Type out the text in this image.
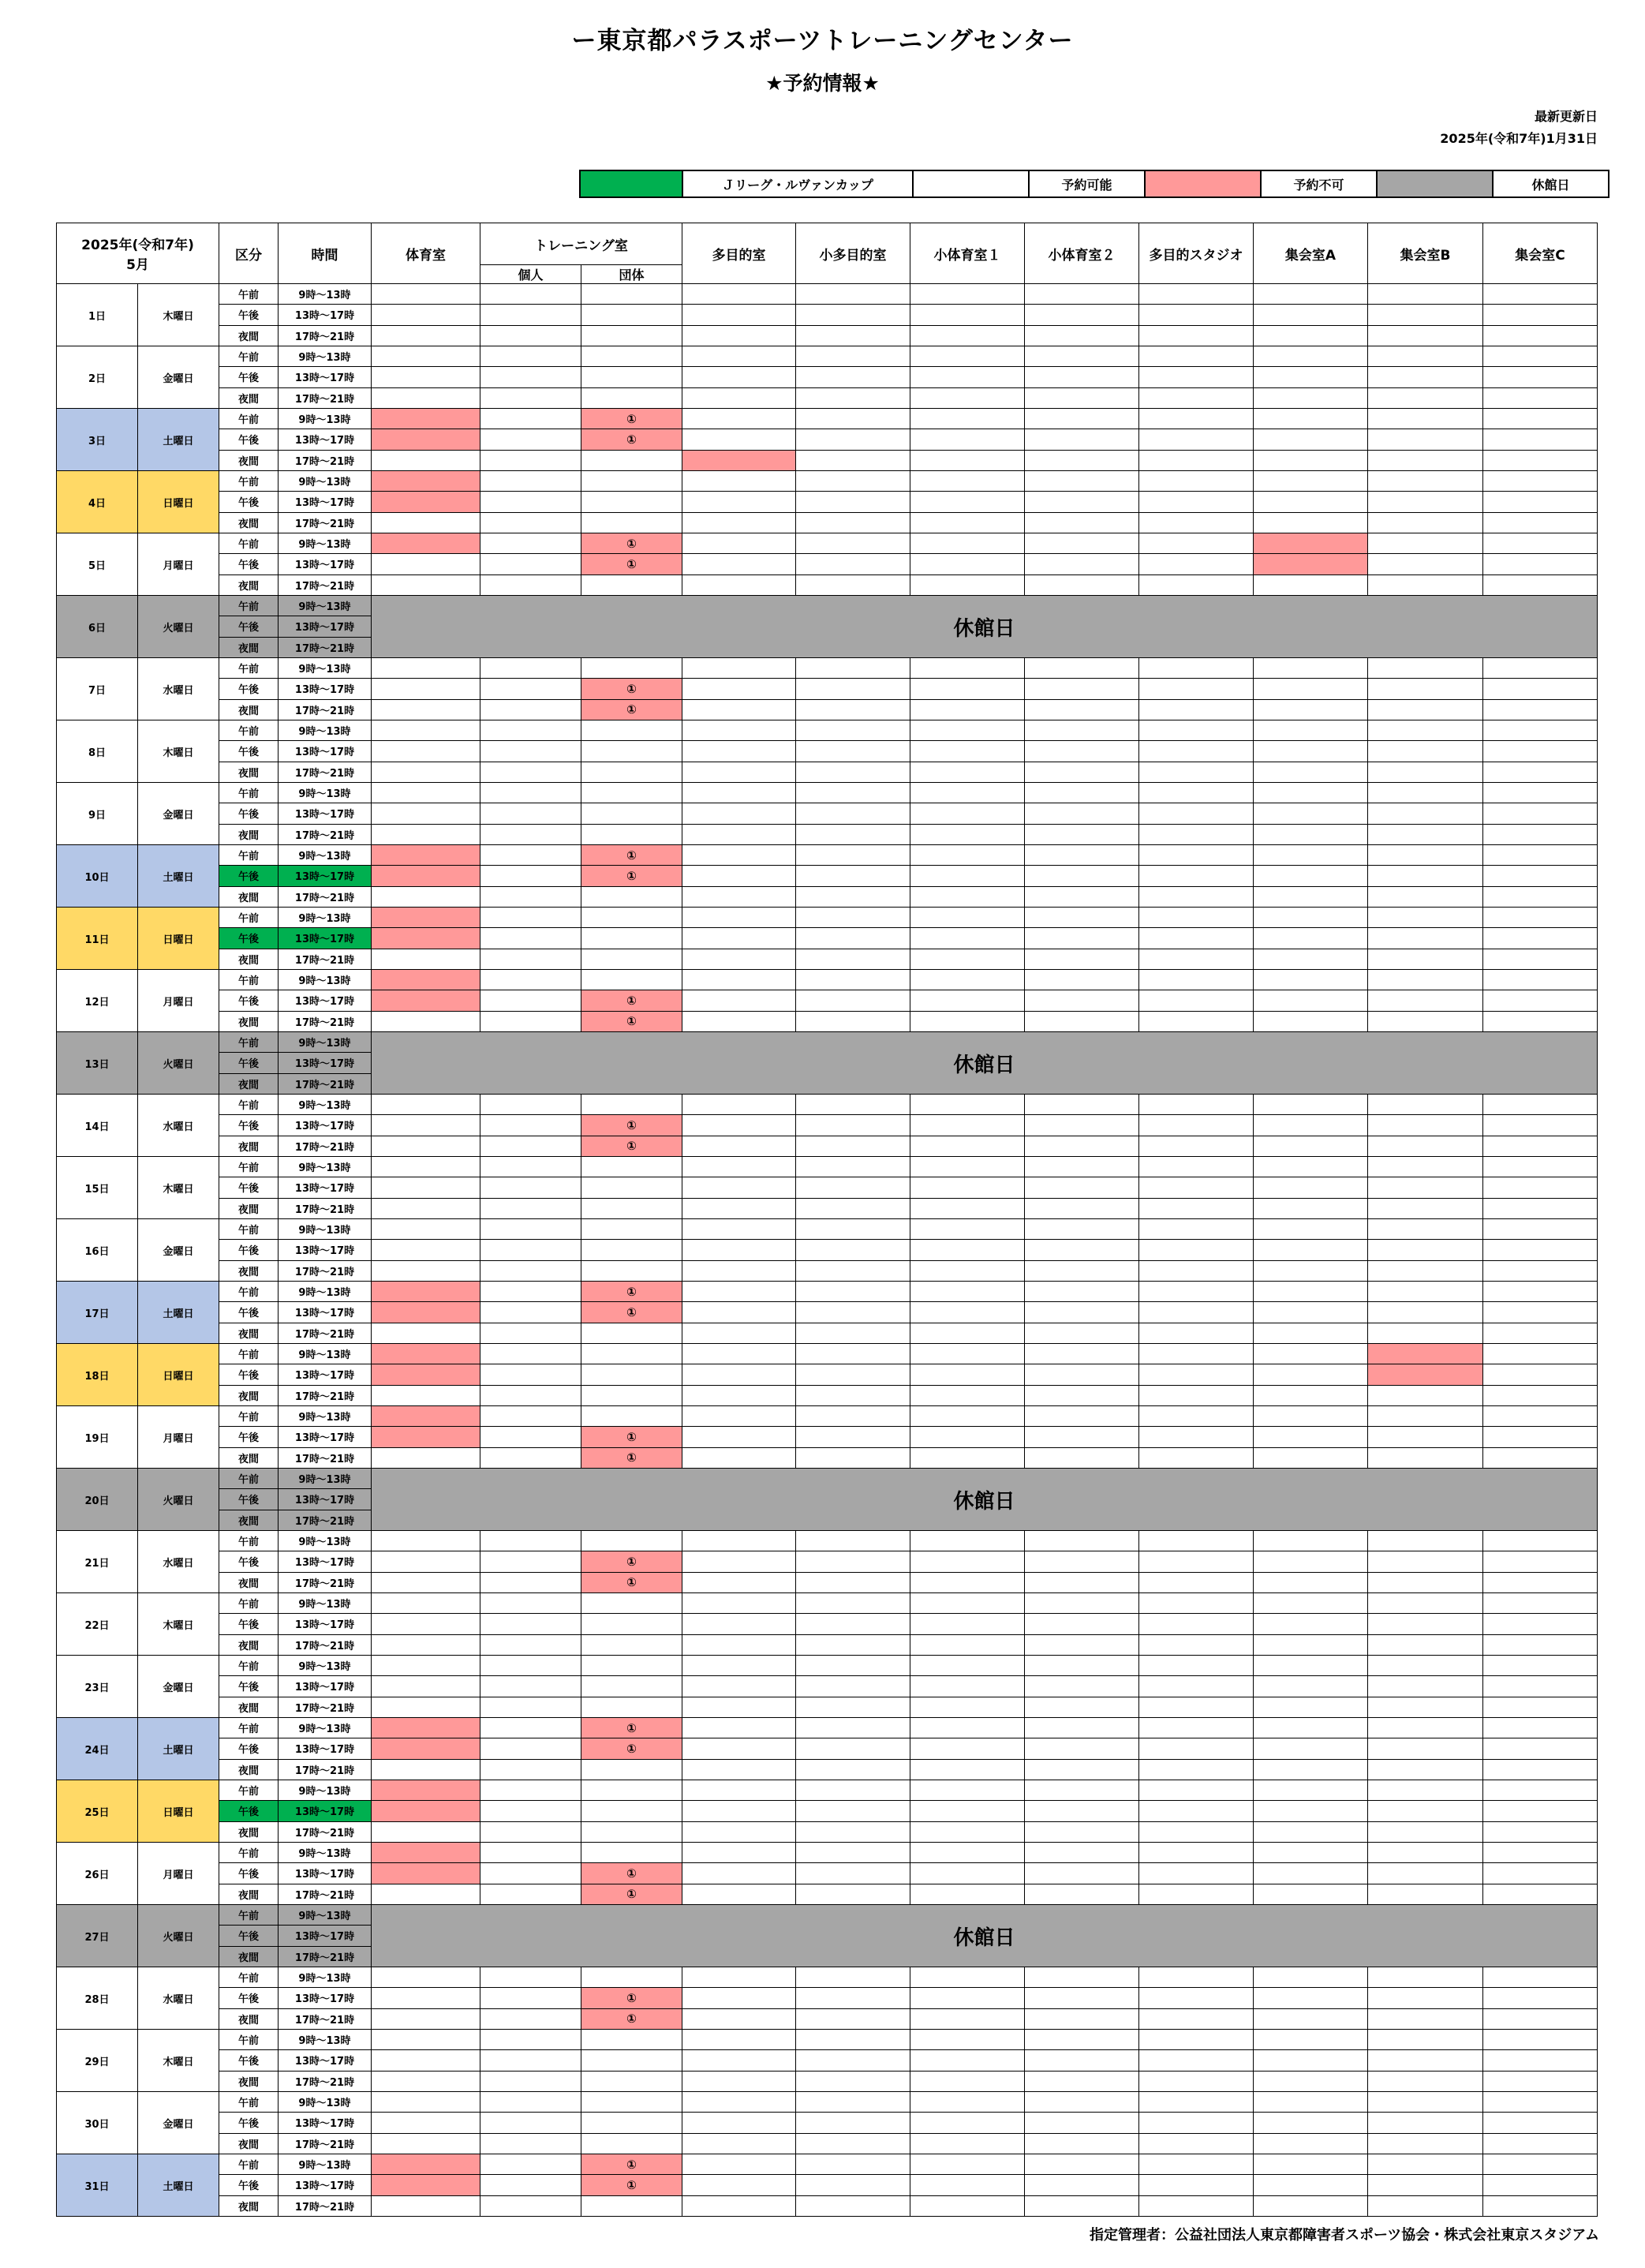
ー東京都パラスポーツトレーニングセンター
★予約情報★
最新更新日
2025年(令和7年)1月31日
	Ｊリーグ・ルヴァンカップ		予約可能		予約不可		休館日
2025年(令和7年)
5月		区分	時間	体育室	トレーニング室		多目的室	小多目的室	小体育室１	小体育室２	多目的スタジオ	集会室A	集会室B	集会室C
					個人	団体								
1日	木曜日	午前	9時～13時											
		午後	13時～17時											
		夜間	17時～21時											
2日	金曜日	午前	9時～13時											
		午後	13時～17時											
		夜間	17時～21時											
3日	土曜日	午前	9時～13時			①								
		午後	13時～17時			①								
		夜間	17時～21時											
4日	日曜日	午前	9時～13時											
		午後	13時～17時											
		夜間	17時～21時											
5日	月曜日	午前	9時～13時			①								
		午後	13時～17時			①								
		夜間	17時～21時											
6日	火曜日	午前	9時～13時	休館日										
		午後	13時～17時											
		夜間	17時～21時											
7日	水曜日	午前	9時～13時											
		午後	13時～17時			①								
		夜間	17時～21時			①								
8日	木曜日	午前	9時～13時											
		午後	13時～17時											
		夜間	17時～21時											
9日	金曜日	午前	9時～13時											
		午後	13時～17時											
		夜間	17時～21時											
10日	土曜日	午前	9時～13時			①								
		午後	13時～17時			①								
		夜間	17時～21時											
11日	日曜日	午前	9時～13時											
		午後	13時～17時											
		夜間	17時～21時											
12日	月曜日	午前	9時～13時											
		午後	13時～17時			①								
		夜間	17時～21時			①								
13日	火曜日	午前	9時～13時	休館日										
		午後	13時～17時											
		夜間	17時～21時											
14日	水曜日	午前	9時～13時											
		午後	13時～17時			①								
		夜間	17時～21時			①								
15日	木曜日	午前	9時～13時											
		午後	13時～17時											
		夜間	17時～21時											
16日	金曜日	午前	9時～13時											
		午後	13時～17時											
		夜間	17時～21時											
17日	土曜日	午前	9時～13時			①								
		午後	13時～17時			①								
		夜間	17時～21時											
18日	日曜日	午前	9時～13時											
		午後	13時～17時											
		夜間	17時～21時											
19日	月曜日	午前	9時～13時											
		午後	13時～17時			①								
		夜間	17時～21時			①								
20日	火曜日	午前	9時～13時	休館日										
		午後	13時～17時											
		夜間	17時～21時											
21日	水曜日	午前	9時～13時											
		午後	13時～17時			①								
		夜間	17時～21時			①								
22日	木曜日	午前	9時～13時											
		午後	13時～17時											
		夜間	17時～21時											
23日	金曜日	午前	9時～13時											
		午後	13時～17時											
		夜間	17時～21時											
24日	土曜日	午前	9時～13時			①								
		午後	13時～17時			①								
		夜間	17時～21時											
25日	日曜日	午前	9時～13時											
		午後	13時～17時											
		夜間	17時～21時											
26日	月曜日	午前	9時～13時											
		午後	13時～17時			①								
		夜間	17時～21時			①								
27日	火曜日	午前	9時～13時	休館日										
		午後	13時～17時											
		夜間	17時～21時											
28日	水曜日	午前	9時～13時											
		午後	13時～17時			①								
		夜間	17時～21時			①								
29日	木曜日	午前	9時～13時											
		午後	13時～17時											
		夜間	17時～21時											
30日	金曜日	午前	9時～13時											
		午後	13時～17時											
		夜間	17時～21時											
31日	土曜日	午前	9時～13時			①								
		午後	13時～17時			①								
		夜間	17時～21時											
指定管理者：公益社団法人東京都障害者スポーツ協会・株式会社東京スタジアム
